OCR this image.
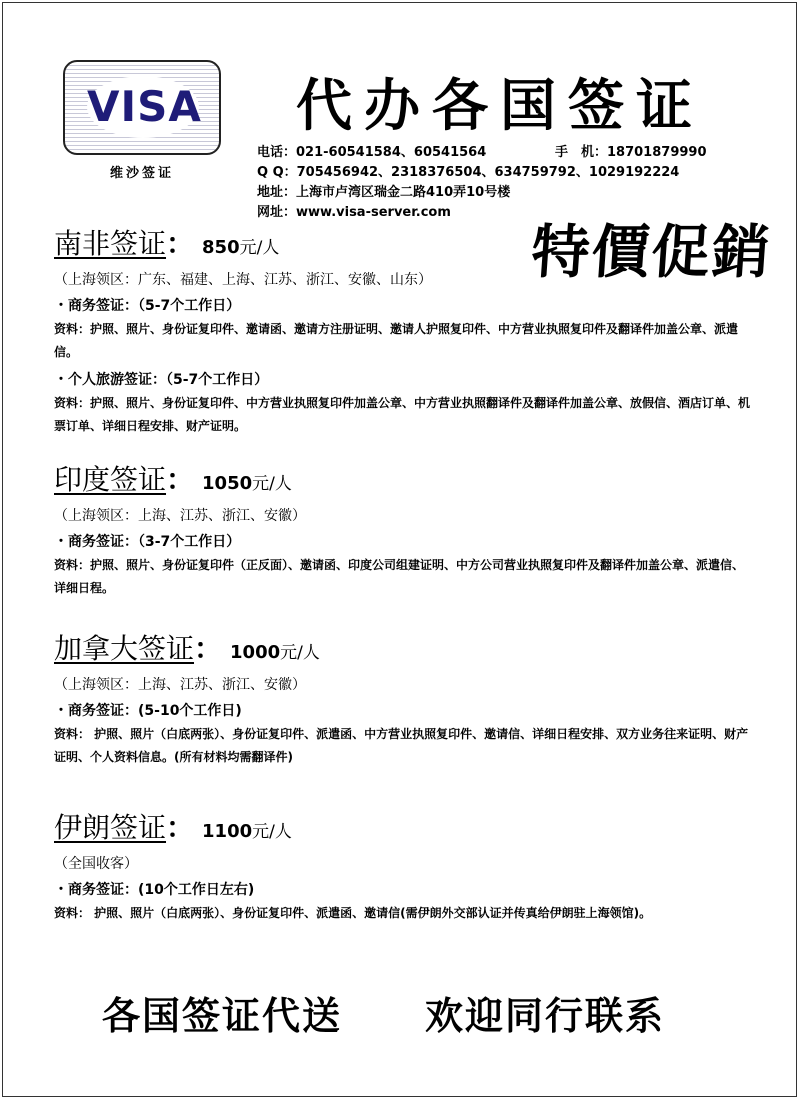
VISA
维沙签证
代办各国签证
电话：021-60541584、60541564
Q Q：705456942、2318376504、634759792、1029192224
地址：上海市卢湾区瑞金二路410弄10号楼
网址：www.visa-server.com
手　机：18701879990
特價促銷
南非签证： 850元/人
（上海领区：广东、福建、上海、江苏、浙江、安徽、山东）
・商务签证：（5-7个工作日）
资料：护照、照片、身份证复印件、邀请函、邀请方注册证明、邀请人护照复印件、中方营业执照复印件及翻译件加盖公章、派遣信。
・个人旅游签证：（5-7个工作日）
资料：护照、照片、身份证复印件、中方营业执照复印件加盖公章、中方营业执照翻译件及翻译件加盖公章、放假信、酒店订单、机票订单、详细日程安排、财产证明。
印度签证： 1050元/人
（上海领区：上海、江苏、浙江、安徽）
・商务签证：（3-7个工作日）
资料：护照、照片、身份证复印件（正反面）、邀请函、印度公司组建证明、中方公司营业执照复印件及翻译件加盖公章、派遣信、详细日程。
加拿大签证： 1000元/人
（上海领区：上海、江苏、浙江、安徽）
・商务签证：(5-10个工作日)
资料： 护照、照片（白底两张）、身份证复印件、派遣函、中方营业执照复印件、邀请信、详细日程安排、双方业务往来证明、财产证明、个人资料信息。(所有材料均需翻译件)
伊朗签证： 1100元/人
（全国收客）
・商务签证：(10个工作日左右)
资料： 护照、照片（白底两张）、身份证复印件、派遣函、邀请信(需伊朗外交部认证并传真给伊朗驻上海领馆)。
各国签证代送 欢迎同行联系
